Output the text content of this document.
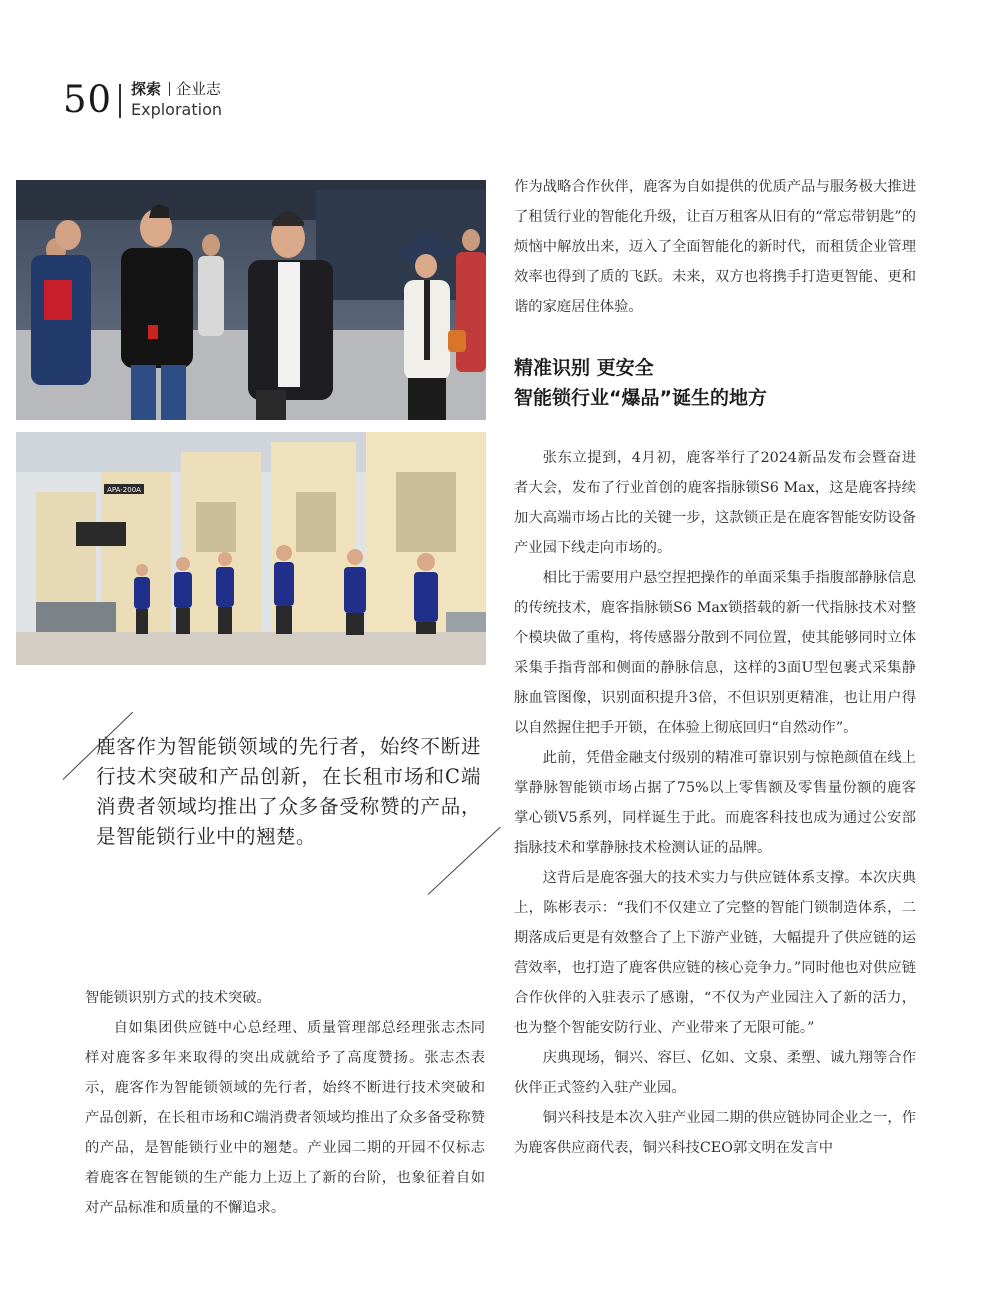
50 探索 企业志
Exploration
APA-200A
鹿客作为智能锁领域的先行者，始终不断进行技术突破和产品创新，在长租市场和C端消费者领域均推出了众多备受称赞的产品，是智能锁行业中的翘楚。

智能锁识别方式的技术突破。

自如集团供应链中心总经理、质量管理部总经理张志杰同样对鹿客多年来取得的突出成就给予了高度赞扬。张志杰表示，鹿客作为智能锁领域的先行者，始终不断进行技术突破和产品创新，在长租市场和C端消费者领域均推出了众多备受称赞的产品，是智能锁行业中的翘楚。产业园二期的开园不仅标志着鹿客在智能锁的生产能力上迈上了新的台阶，也象征着自如对产品标准和质量的不懈追求。

作为战略合作伙伴，鹿客为自如提供的优质产品与服务极大推进了租赁行业的智能化升级，让百万租客从旧有的“常忘带钥匙”的烦恼中解放出来，迈入了全面智能化的新时代，而租赁企业管理效率也得到了质的飞跃。未来，双方也将携手打造更智能、更和谐的家庭居住体验。

精准识别 更安全
智能锁行业“爆品”诞生的地方

张东立提到，4月初，鹿客举行了2024新品发布会暨奋进者大会，发布了行业首创的鹿客指脉锁S6 Max，这是鹿客持续加大高端市场占比的关键一步，这款锁正是在鹿客智能安防设备产业园下线走向市场的。

相比于需要用户悬空捏把操作的单面采集手指腹部静脉信息的传统技术，鹿客指脉锁S6 Max锁搭载的新一代指脉技术对整个模块做了重构，将传感器分散到不同位置，使其能够同时立体采集手指背部和侧面的静脉信息，这样的3面U型包裹式采集静脉血管图像，识别面积提升3倍，不但识别更精准，也让用户得以自然握住把手开锁，在体验上彻底回归“自然动作”。

此前，凭借金融支付级别的精准可靠识别与惊艳颜值在线上掌静脉智能锁市场占据了75%以上零售额及零售量份额的鹿客掌心锁V5系列，同样诞生于此。而鹿客科技也成为通过公安部指脉技术和掌静脉技术检测认证的品牌。

这背后是鹿客强大的技术实力与供应链体系支撑。本次庆典上，陈彬表示：“我们不仅建立了完整的智能门锁制造体系，二期落成后更是有效整合了上下游产业链，大幅提升了供应链的运营效率，也打造了鹿客供应链的核心竞争力。”同时他也对供应链合作伙伴的入驻表示了感谢，“不仅为产业园注入了新的活力，也为整个智能安防行业、产业带来了无限可能。”

庆典现场，铜兴、容巨、亿如、文泉、柔塑、诚九翔等合作伙伴正式签约入驻产业园。

铜兴科技是本次入驻产业园二期的供应链协同企业之一，作为鹿客供应商代表，铜兴科技CEO郭文明在发言中
